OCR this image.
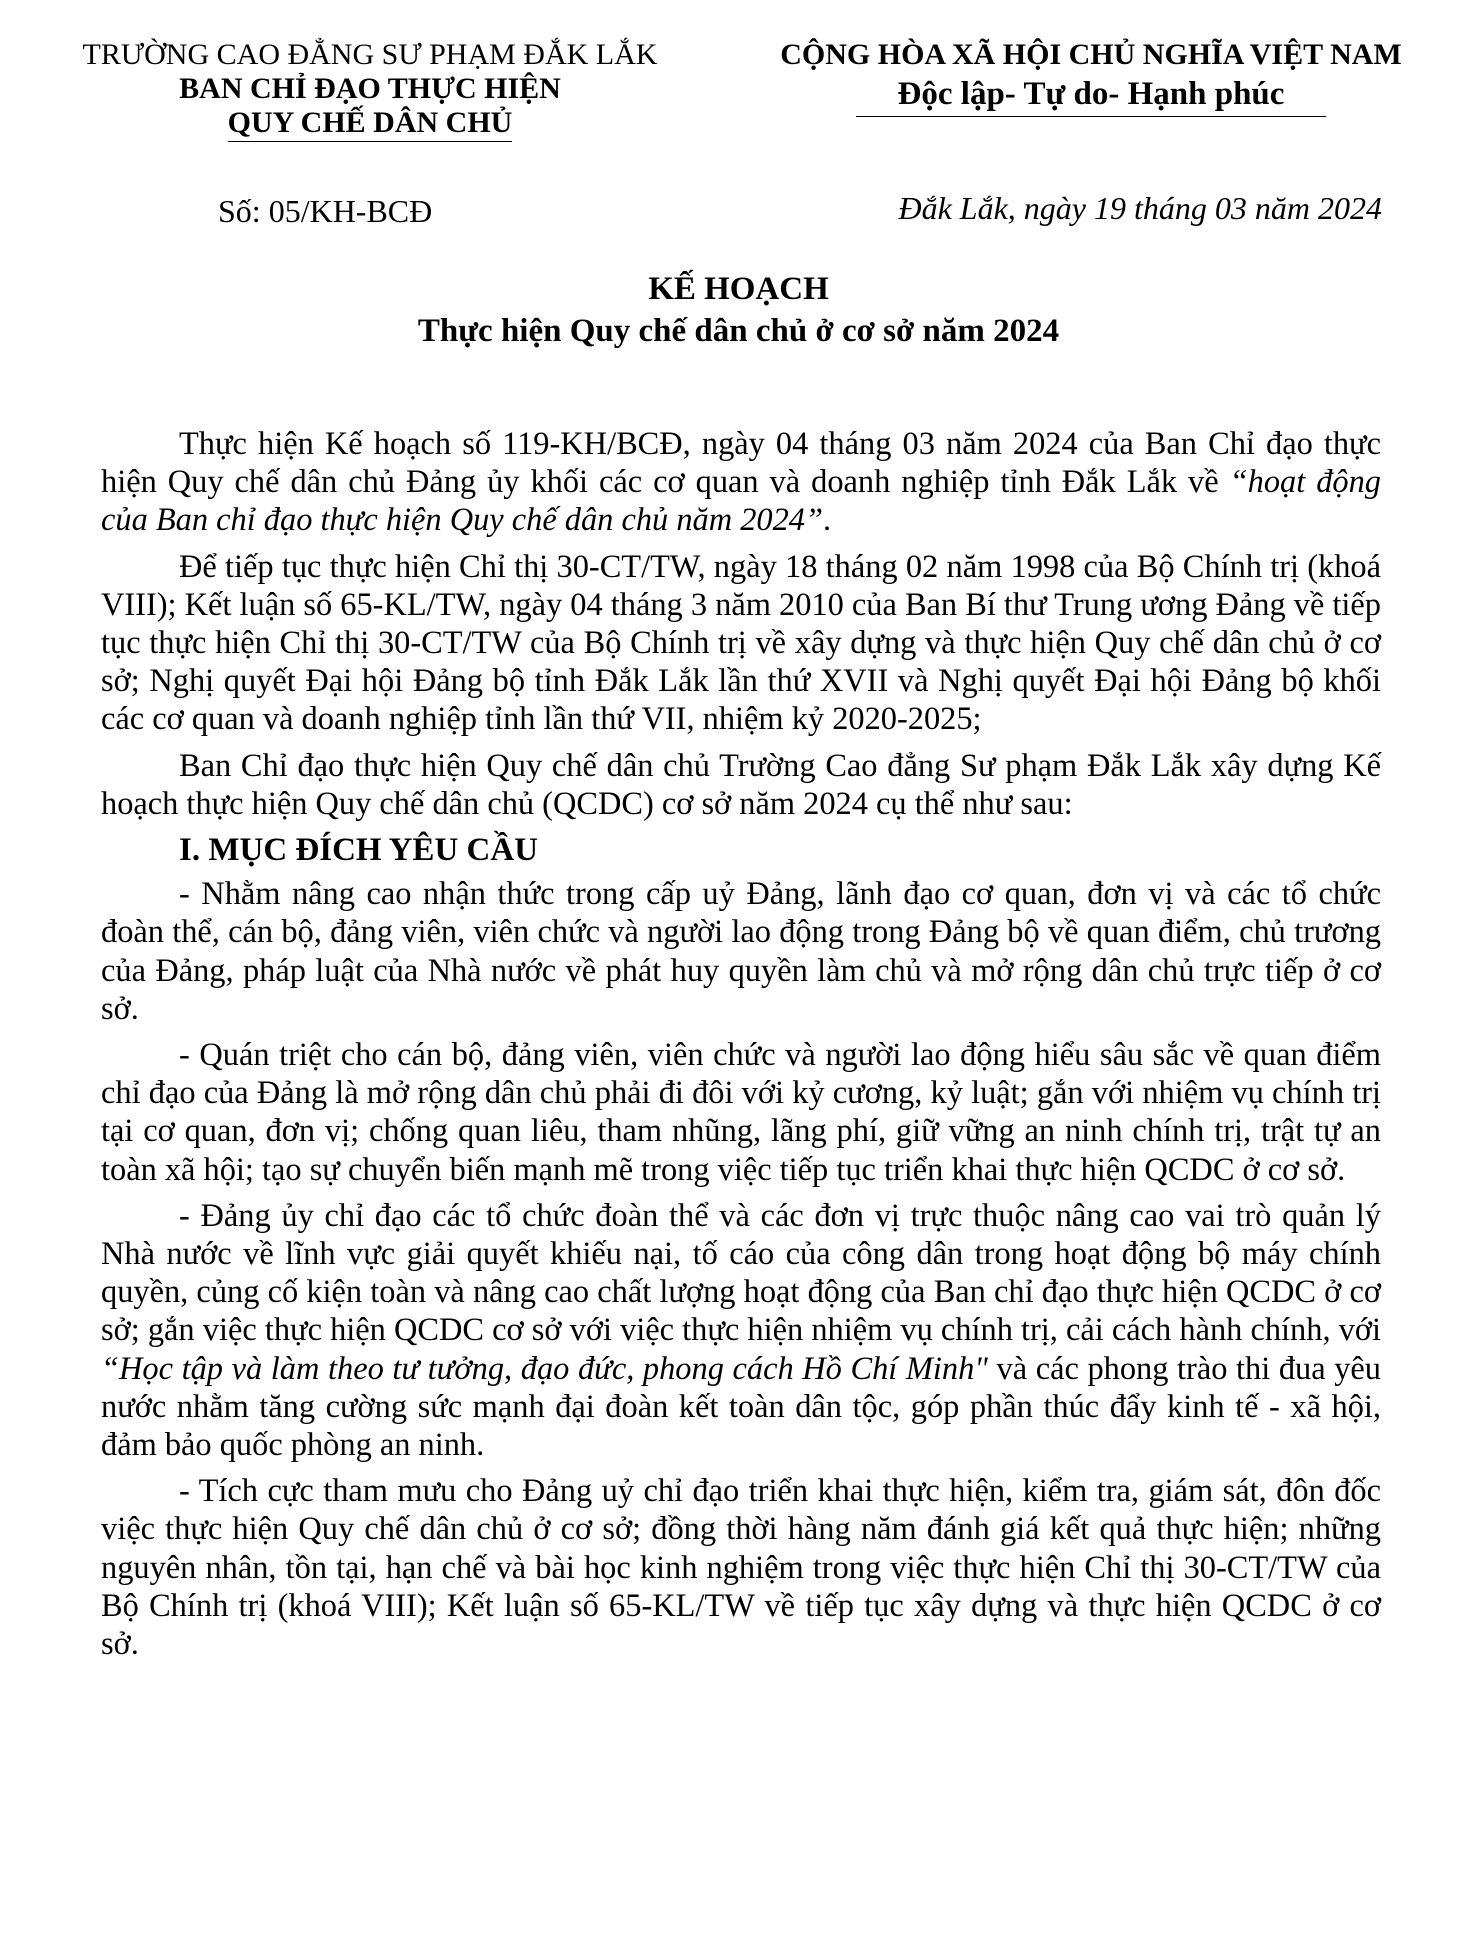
TRƯỜNG CAO ĐẲNG SƯ PHẠM ĐẮK LẮK
BAN CHỈ ĐẠO THỰC HIỆN
QUY CHẾ DÂN CHỦ
Số: 05/KH-BCĐ
CỘNG HÒA XÃ HỘI CHỦ NGHĨA VIỆT NAM
Độc lập- Tự do- Hạnh phúc
Đắk Lắk, ngày 19 tháng 03 năm 2024
KẾ HOẠCH
Thực hiện Quy chế dân chủ ở cơ sở năm 2024

Thực hiện Kế hoạch số 119-KH/BCĐ, ngày 04 tháng 03 năm 2024 của Ban Chỉ đạo thực hiện Quy chế dân chủ Đảng ủy khối các cơ quan và doanh nghiệp tỉnh Đắk Lắk về “hoạt động của Ban chỉ đạo thực hiện Quy chế dân chủ năm 2024”.

Để tiếp tục thực hiện Chỉ thị 30-CT/TW, ngày 18 tháng 02 năm 1998 của Bộ Chính trị (khoá VIII); Kết luận số 65-KL/TW, ngày 04 tháng 3 năm 2010 của Ban Bí thư Trung ương Đảng về tiếp tục thực hiện Chỉ thị 30-CT/TW của Bộ Chính trị về xây dựng và thực hiện Quy chế dân chủ ở cơ sở; Nghị quyết Đại hội Đảng bộ tỉnh Đắk Lắk lần thứ XVII và Nghị quyết Đại hội Đảng bộ khối các cơ quan và doanh nghiệp tỉnh lần thứ VII, nhiệm kỷ 2020-2025;

Ban Chỉ đạo thực hiện Quy chế dân chủ Trường Cao đẳng Sư phạm Đắk Lắk xây dựng Kế hoạch thực hiện Quy chế dân chủ (QCDC) cơ sở năm 2024 cụ thể như sau:

I. MỤC ĐÍCH YÊU CẦU

- Nhằm nâng cao nhận thức trong cấp uỷ Đảng, lãnh đạo cơ quan, đơn vị và các tổ chức đoàn thể, cán bộ, đảng viên, viên chức và người lao động trong Đảng bộ về quan điểm, chủ trương của Đảng, pháp luật của Nhà nước về phát huy quyền làm chủ và mở rộng dân chủ trực tiếp ở cơ sở.

- Quán triệt cho cán bộ, đảng viên, viên chức và người lao động hiểu sâu sắc về quan điểm chỉ đạo của Đảng là mở rộng dân chủ phải đi đôi với kỷ cương, kỷ luật; gắn với nhiệm vụ chính trị tại cơ quan, đơn vị; chống quan liêu, tham nhũng, lãng phí, giữ vững an ninh chính trị, trật tự an toàn xã hội; tạo sự chuyển biến mạnh mẽ trong việc tiếp tục triển khai thực hiện QCDC ở cơ sở.

- Đảng ủy chỉ đạo các tổ chức đoàn thể và các đơn vị trực thuộc nâng cao vai trò quản lý Nhà nước về lĩnh vực giải quyết khiếu nại, tố cáo của công dân trong hoạt động bộ máy chính quyền, củng cố kiện toàn và nâng cao chất lượng hoạt động của Ban chỉ đạo thực hiện QCDC ở cơ sở; gắn việc thực hiện QCDC cơ sở với việc thực hiện nhiệm vụ chính trị, cải cách hành chính, với “Học tập và làm theo tư tưởng, đạo đức, phong cách Hồ Chí Minh" và các phong trào thi đua yêu nước nhằm tăng cường sức mạnh đại đoàn kết toàn dân tộc, góp phần thúc đẩy kinh tế - xã hội, đảm bảo quốc phòng an ninh.

- Tích cực tham mưu cho Đảng uỷ chỉ đạo triển khai thực hiện, kiểm tra, giám sát, đôn đốc việc thực hiện Quy chế dân chủ ở cơ sở; đồng thời hàng năm đánh giá kết quả thực hiện; những nguyên nhân, tồn tại, hạn chế và bài học kinh nghiệm trong việc thực hiện Chỉ thị 30-CT/TW của Bộ Chính trị (khoá VIII); Kết luận số 65-KL/TW về tiếp tục xây dựng và thực hiện QCDC ở cơ sở.
